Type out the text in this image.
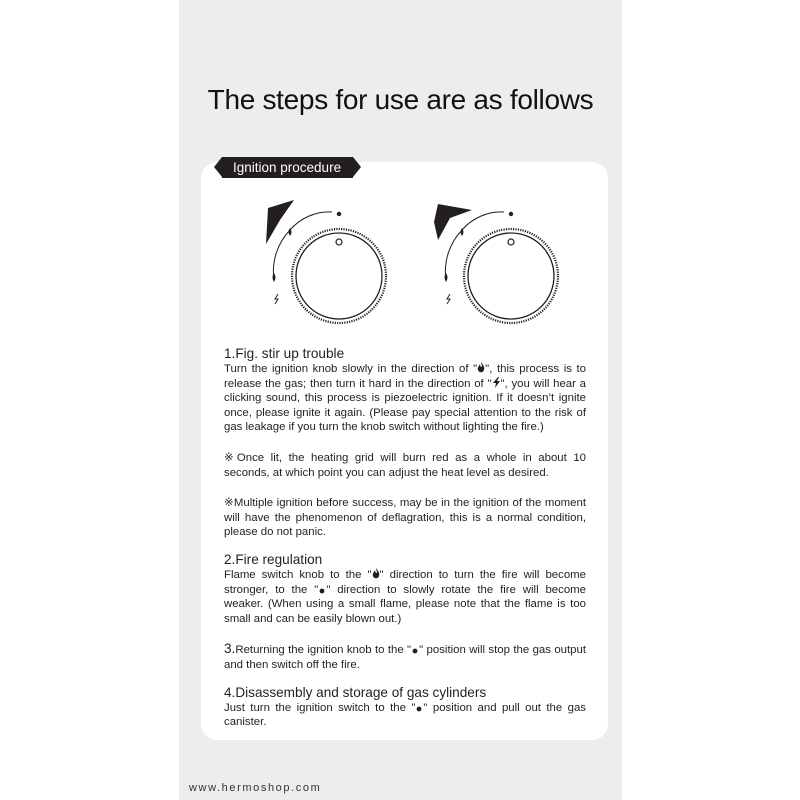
The steps for use are as follows
Ignition procedure
1.Fig. stir up trouble

Turn the ignition knob slowly in the direction of " ", this process is to release the gas; then turn it hard in the direction of " ", you will hear a clicking sound, this process is piezoelectric ignition. If it doesn’t ignite once, please ignite it again. (Please pay special attention to the risk of gas leakage if you turn the knob switch without lighting the fire.)

※Once lit, the heating grid will burn red as a whole in about 10 seconds, at which point you can adjust the heat level as desired.

※Multiple ignition before success, may be in the ignition of the moment will have the phenomenon of deflagration, this is a normal condition, please do not panic.

2.Fire regulation

Flame switch knob to the " " direction to turn the fire will become stronger, to the " " direction to slowly rotate the fire will become weaker. (When using a small flame, please note that the flame is too small and can be easily blown out.)

3.Returning the ignition knob to the " " position will stop the gas output and then switch off the fire.

4.Disassembly and storage of gas cylinders

Just turn the ignition switch to the " " position and pull out the gas canister.

www.hermoshop.com
